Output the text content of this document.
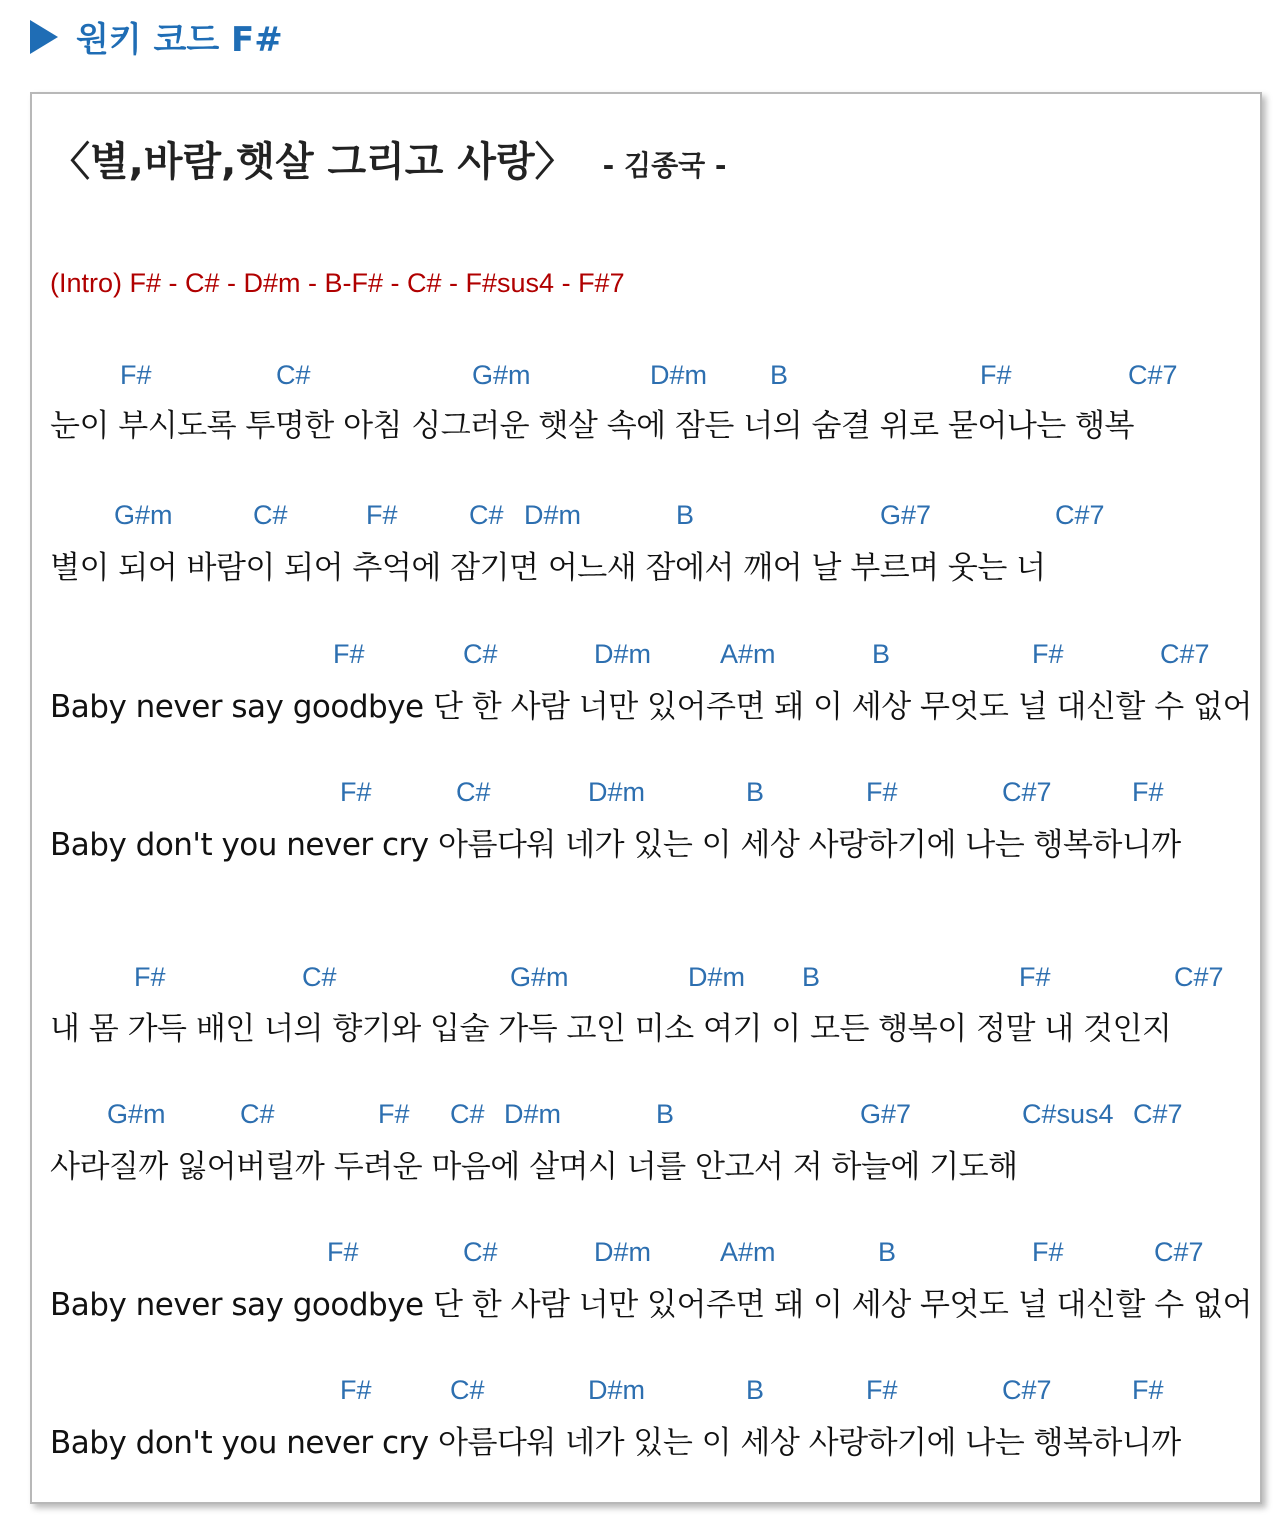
원키 코드 F#
〈별,바람,햇살 그리고 사랑〉 - 김종국 -
(Intro) F# - C# - D#m - B-F# - C# - F#sus4 - F#7
F#	C#	G#m	D#m B	F#	C#7
눈이 부시도록 투명한 아침 싱그러운 햇살 속에 잠든 너의 숨결 위로 묻어나는 행복
G#m	C#	F#	C# D#m	B	G#7	C#7
별이 되어 바람이 되어 추억에 잠기면 어느새 잠에서 깨어 날 부르며 웃는 너
F#	C#	D#m	A#m	B	F#	C#7
Baby never say goodbye 단 한 사람 너만 있어주면 돼 이 세상 무엇도 널 대신할 수 없어
F#	C#	D#m	B	F#	C#7	F#
Baby don't you never cry 아름다워 네가 있는 이 세상 사랑하기에 나는 행복하니까
F#	C#	G#m	D#m B	F#	C#7
내 몸 가득 배인 너의 향기와 입술 가득 고인 미소 여기 이 모든 행복이 정말 내 것인지
G#m	C#	F# C# D#m	B	G#7	C#sus4 C#7
사라질까 잃어버릴까 두려운 마음에 살며시 너를 안고서 저 하늘에 기도해
F#	C#	D#m	A#m	B	F#	C#7
Baby never say goodbye 단 한 사람 너만 있어주면 돼 이 세상 무엇도 널 대신할 수 없어
F#	C#	D#m	B	F#	C#7	F#
Baby don't you never cry 아름다워 네가 있는 이 세상 사랑하기에 나는 행복하니까
